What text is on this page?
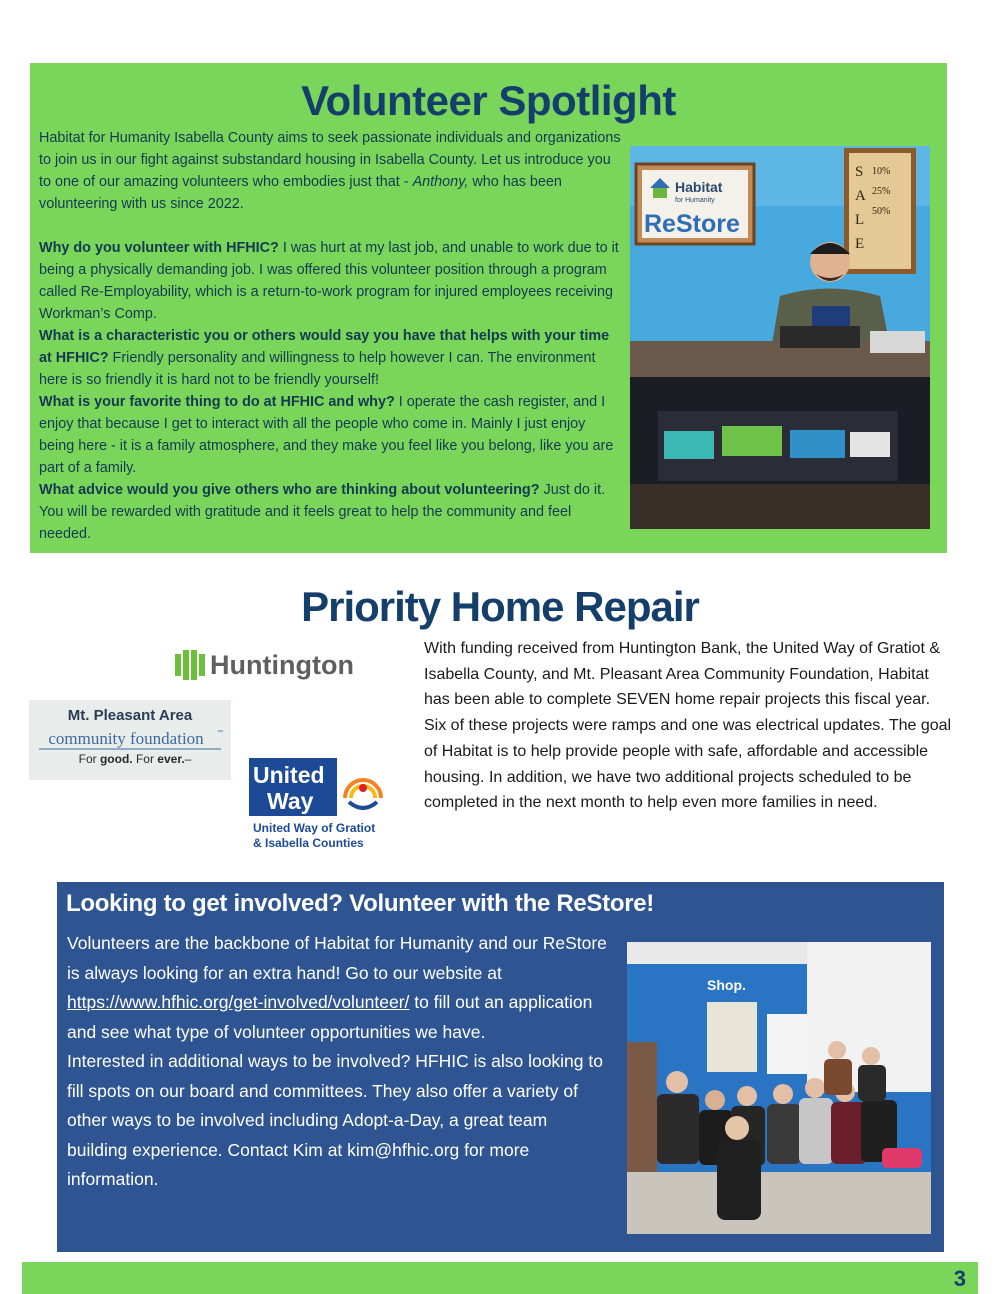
Volunteer Spotlight

Habitat for Humanity Isabella County aims to seek passionate individuals and organizations to join us in our fight against substandard housing in Isabella County. Let us introduce you to one of our amazing volunteers who embodies just that - Anthony, who has been volunteering with us since 2022.

Why do you volunteer with HFHIC? I was hurt at my last job, and unable to work due to it being a physically demanding job. I was offered this volunteer position through a program called Re-Employability, which is a return-to-work program for injured employees receiving Workman’s Comp.

What is a characteristic you or others would say you have that helps with your time at HFHIC? Friendly personality and willingness to help however I can. The environment here is so friendly it is hard not to be friendly yourself!

What is your favorite thing to do at HFHIC and why? I operate the cash register, and I enjoy that because I get to interact with all the people who come in. Mainly I just enjoy being here - it is a family atmosphere, and they make you feel like you belong, like you are part of a family.

What advice would you give others who are thinking about volunteering? Just do it. You will be rewarded with gratitude and it feels great to help the community and feel needed.

Habitat
for Humanity
ReStore
S
A
L
E
10%
25%
50%
Priority Home Repair
Huntington
Mt. Pleasant Area
community foundation ™
For good. For ever.–
United
Way
United Way of Gratiot
& Isabella Counties
With funding received from Huntington Bank, the United Way of Gratiot & Isabella County, and Mt. Pleasant Area Community Foundation, Habitat has been able to complete SEVEN home repair projects this fiscal year. Six of these projects were ramps and one was electrical updates. The goal of Habitat is to help provide people with safe, affordable and accessible housing. In addition, we have two additional projects scheduled to be completed in the next month to help even more families in need.
Looking to get involved? Volunteer with the ReStore!

Volunteers are the backbone of Habitat for Humanity and our ReStore is always looking for an extra hand! Go to our website at https://www.hfhic.org/get-involved/volunteer/ to fill out an application and see what type of volunteer opportunities we have.

Interested in additional ways to be involved? HFHIC is also looking to fill spots on our board and committees. They also offer a variety of other ways to be involved including Adopt-a-Day, a great team building experience. Contact Kim at kim@hfhic.org for more information.

Shop.
3
